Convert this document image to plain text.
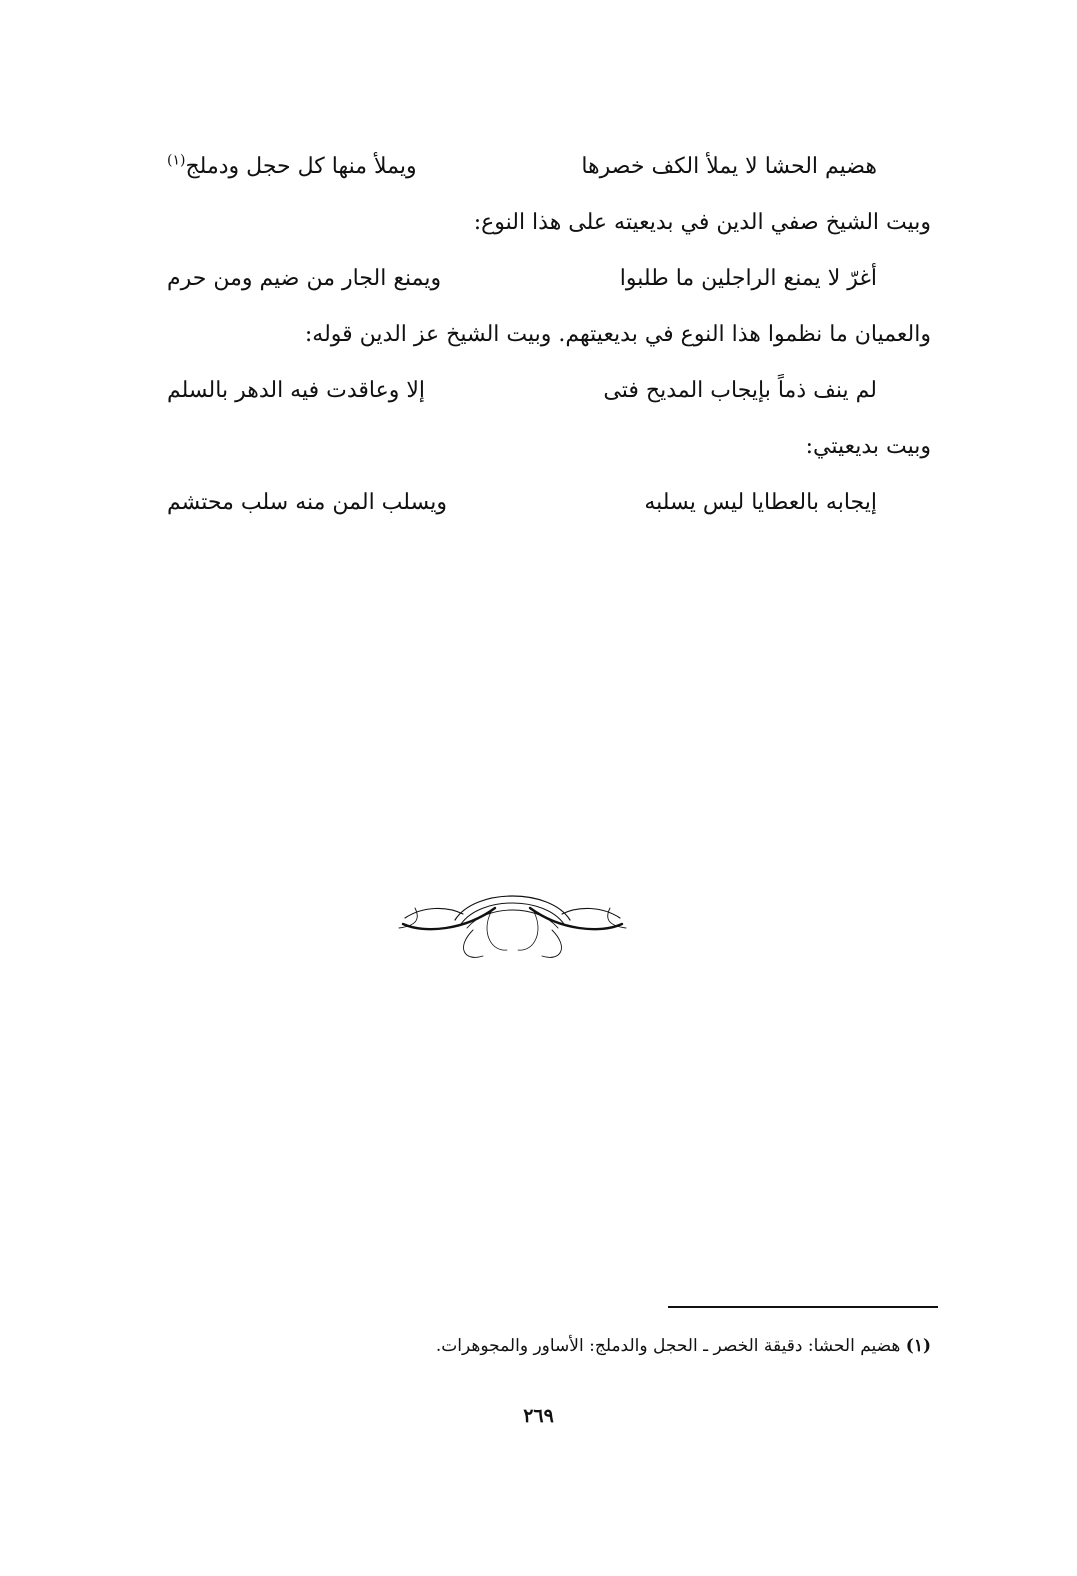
هضيم الحشا لا يملأ الكف خصرها
ويملأ منها كل حجل ودملج$^{(١)}$
وبيت الشيخ صفي الدين في بديعيته على هذا النوع:
أغرّ لا يمنع الراجلين ما طلبوا
ويمنع الجار من ضيم ومن حرم
والعميان ما نظموا هذا النوع في بديعيتهم. وبيت الشيخ عز الدين قوله:
لم ينف ذماً بإيجاب المديح فتى
إلا وعاقدت فيه الدهر بالسلم
وبيت بديعيتي:
إيجابه بالعطايا ليس يسلبه
ويسلب المن منه سلب محتشم
(١) هضيم الحشا: دقيقة الخصر ـ الحجل والدملج: الأساور والمجوهرات.
٢٦٩
